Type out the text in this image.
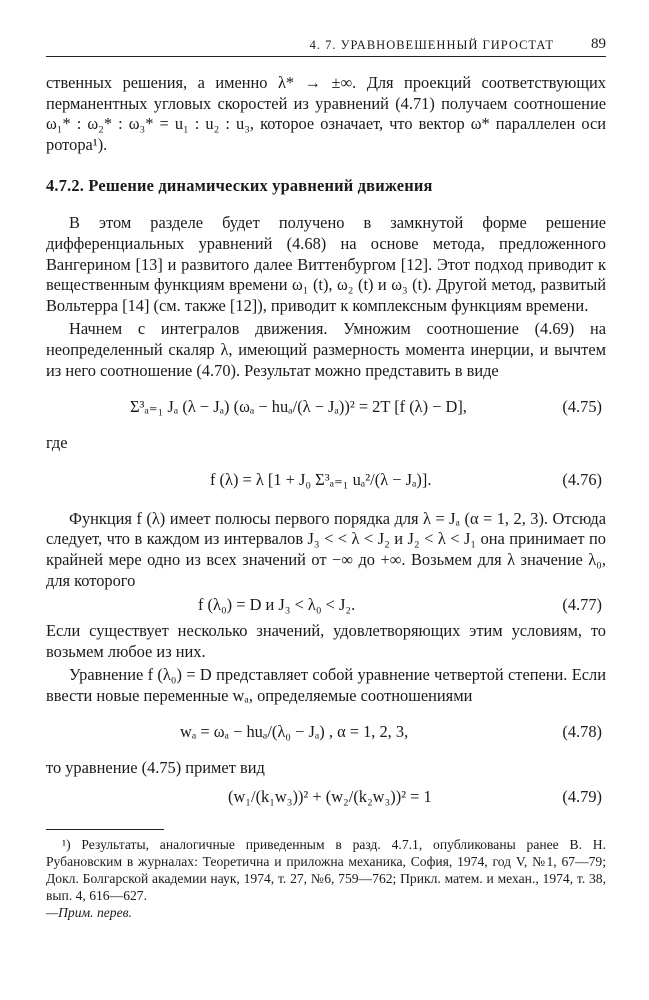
4. 7. УРАВНОВЕШЕННЫЙ ГИРОСТАТ 89

ственных решения, а именно λ* → ±∞. Для проекций соответствующих перманентных угловых скоростей из уравнений (4.71) получаем соотношение ω₁* : ω₂* : ω₃* = u₁ : u₂ : u₃, которое означает, что вектор ω* параллелен оси ротора¹).

4.7.2. Решение динамических уравнений движения

В этом разделе будет получено в замкнутой форме решение дифференциальных уравнений (4.68) на основе метода, предложенного Вангерином [13] и развитого далее Виттенбургом [12]. Этот подход приводит к вещественным функциям времени ω₁ (t), ω₂ (t) и ω₃ (t). Другой метод, развитый Вольтерра [14] (см. также [12]), приводит к комплексным функциям времени.

Начнем с интегралов движения. Умножим соотношение (4.69) на неопределенный скаляр λ, имеющий размерность момента инерции, и вычтем из него соотношение (4.70). Результат можно представить в виде

Σ³ₐ₌₁ Jₐ (λ − Jₐ) (ωₐ − huₐ/(λ − Jₐ))² = 2T [f (λ) − D],	(4.75)

где

f (λ) = λ [1 + J₀ Σ³ₐ₌₁ uₐ²/(λ − Jₐ)].	(4.76)

Функция f (λ) имеет полюсы первого порядка для λ = Jₐ (α = 1, 2, 3). Отсюда следует, что в каждом из интервалов J₃ < < λ < J₂ и J₂ < λ < J₁ она принимает по крайней мере одно из всех значений от −∞ до +∞. Возьмем для λ значение λ₀, для которого

f (λ₀) = D и J₃ < λ₀ < J₂.	(4.77)

Если существует несколько значений, удовлетворяющих этим условиям, то возьмем любое из них.

Уравнение f (λ₀) = D представляет собой уравнение четвертой степени. Если ввести новые переменные wₐ, определяемые соотношениями

wₐ = ωₐ − huₐ/(λ₀ − Jₐ) , α = 1, 2, 3,	(4.78)

то уравнение (4.75) примет вид

(w₁/(k₁w₃))² + (w₂/(k₂w₃))² = 1	(4.79)

¹) Результаты, аналогичные приведенным в разд. 4.7.1, опубликованы ранее В. Н. Рубановским в журналах: Теоретична и приложна механика, София, 1974, год V, №1, 67—79; Докл. Болгарской академии наук, 1974, т. 27, №6, 759—762; Прикл. матем. и механ., 1974, т. 38, вып. 4, 616—627.

—Прим. перев.
